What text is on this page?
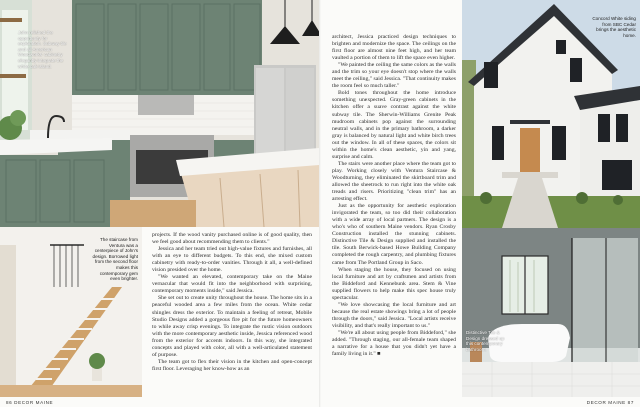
John relished the opportunity for exploration. Subway tile and all American Woodworks' cabinetry elegantly integrate the white oak island.
The staircase from Ventura was a centerpiece of John's design. Borrowed light from the second floor makes this contemporary gem even brighter.

projects. If the wood vanity purchased online is of good quality, then we feel good about recommending them to clients."

Jessica and her team tried out high-value fixtures and furnishes, all with an eye to different budgets. To this end, she mixed custom cabinetry with ready-to-order vanities. Through it all, a well-defined vision presided over the home.

"We wanted an elevated, contemporary take on the Maine vernacular that would fit into the neighborhood with surprising, contemporary moments inside," said Jessica.

She set out to create unity throughout the house. The home sits in a peaceful wooded area a few miles from the ocean. White cedar shingles dress the exterior. To maintain a feeling of retreat, Mobile Studio Designs added a gorgeous fire pit for the future homeowners to while away crisp evenings. To integrate the rustic vision outdoors with the more contemporary aesthetic inside, Jessica referenced wood from the exterior for accents indoors. In this way, she integrated concepts and played with color, all with a well-articulated statement of purpose.

The team got to flex their vision in the kitchen and open-concept first floor. Leveraging her know-how as an

architect, Jessica practiced design techniques to brighten and modernize the space. The ceilings on the first floor are almost nine feet high, and her team vaulted a portion of them to lift the space even higher.

"We painted the ceiling the same colors as the walls and the trim so your eye doesn't stop where the walls meet the ceiling," said Jessica. "That continuity makes the room feel so much taller."

Bold tones throughout the home introduce something unexpected. Gray-green cabinets in the kitchen offer a suave contrast against the white subway tile. The Sherwin-Williams Grenite Peak mudroom cabinets pop against the surrounding neutral walls, and in the primary bathroom, a darker gray is balanced by natural light and white birch trees out the window. In all of these spaces, the colors sit within the home's clean aesthetic, yin and yang, surprise and calm.

The stairs were another place where the team got to play. Working closely with Ventura Staircase & Woodturning, they eliminated the skirtboard trim and allowed the sheetrock to run right into the white oak treads and risers. Prioritizing "clean trim" has an arresting effect.

Just as the opportunity for aesthetic exploration invigorated the team, so too did their collaboration with a wide array of local partners. The design is a who's who of southern Maine vendors. Ryan Crosby Construction installed the stunning cabinets. Distinctive Tile & Design supplied and installed the tile. South Berwick-based Howe Building Company completed the rough carpentry, and plumbing fixtures came from The Portland Group in Saco.

When staging the house, they focused on using local furniture and art by craftsmen and artists from the Biddeford and Kennebunk area. Stem & Vine supplied flowers to help make this spec house truly spectacular.

"We love showcasing the local furniture and art because the real estate showings bring a lot of people through the doors," said Jessica. "Local artists receive visibility, and that's really important to us."

"We're all about using people from Biddeford," she added. "Through staging, our all-female team shaped a narrative for a house that you didn't yet have a family living in it." ■

Concord White siding from SBC Cedar brings the aesthetic home.
Distinctive Tile & Design dressed up this contemporary bathroom.
86 DECOR MAINE	DECOR MAINE 87
